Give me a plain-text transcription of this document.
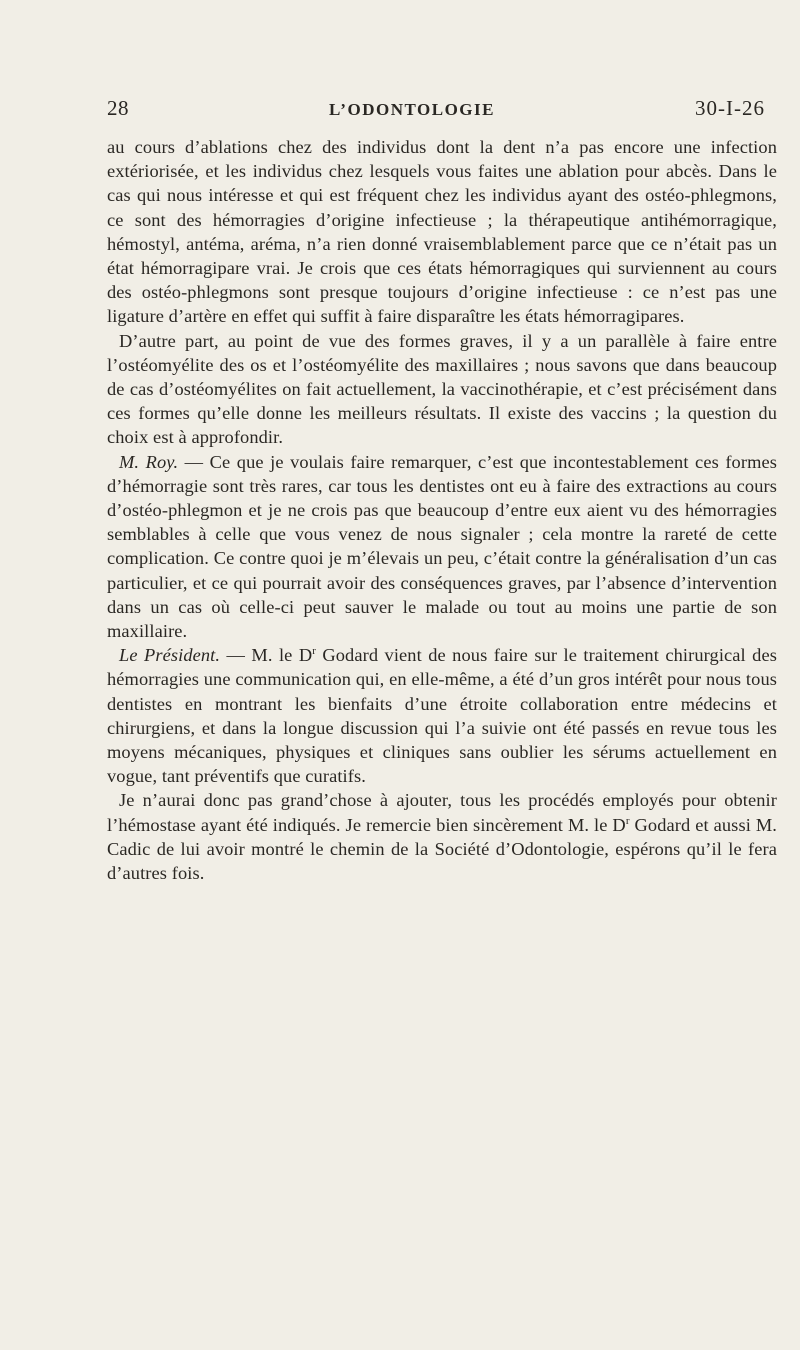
28	L’ODONTOLOGIE	30-I-26

au cours d’ablations chez des individus dont la dent n’a pas encore une infection extériorisée, et les individus chez lesquels vous faites une ablation pour abcès. Dans le cas qui nous intéresse et qui est fréquent chez les individus ayant des ostéo-phlegmons, ce sont des hémorragies d’origine infectieuse ; la thérapeutique antihémorragique, hémostyl, antéma, aréma, n’a rien donné vraisemblablement parce que ce n’était pas un état hémorragipare vrai. Je crois que ces états hémorragiques qui surviennent au cours des ostéo-phlegmons sont presque toujours d’origine infectieuse : ce n’est pas une ligature d’artère en effet qui suffit à faire disparaître les états hémorragipares.

D’autre part, au point de vue des formes graves, il y a un parallèle à faire entre l’ostéomyélite des os et l’ostéomyélite des maxillaires ; nous savons que dans beaucoup de cas d’ostéomyélites on fait actuellement, la vaccinothérapie, et c’est précisément dans ces formes qu’elle donne les meilleurs résultats. Il existe des vaccins ; la question du choix est à approfondir.

M. Roy. — Ce que je voulais faire remarquer, c’est que incontestablement ces formes d’hémorragie sont très rares, car tous les dentistes ont eu à faire des extractions au cours d’ostéo-phlegmon et je ne crois pas que beaucoup d’entre eux aient vu des hémorragies semblables à celle que vous venez de nous signaler ; cela montre la rareté de cette complication. Ce contre quoi je m’élevais un peu, c’était contre la généralisation d’un cas particulier, et ce qui pourrait avoir des conséquences graves, par l’absence d’intervention dans un cas où celle-ci peut sauver le malade ou tout au moins une partie de son maxillaire.

Le Président. — M. le $D^r$ Godard vient de nous faire sur le traitement chirurgical des hémorragies une communication qui, en elle-même, a été d’un gros intérêt pour nous tous dentistes en montrant les bienfaits d’une étroite collaboration entre médecins et chirurgiens, et dans la longue discussion qui l’a suivie ont été passés en revue tous les moyens mécaniques, physiques et cliniques sans oublier les sérums actuellement en vogue, tant préventifs que curatifs.

Je n’aurai donc pas grand’chose à ajouter, tous les procédés employés pour obtenir l’hémostase ayant été indiqués. Je remercie bien sincèrement M. le $D^r$ Godard et aussi M. Cadic de lui avoir montré le chemin de la Société d’Odontologie, espérons qu’il le fera d’autres fois.
